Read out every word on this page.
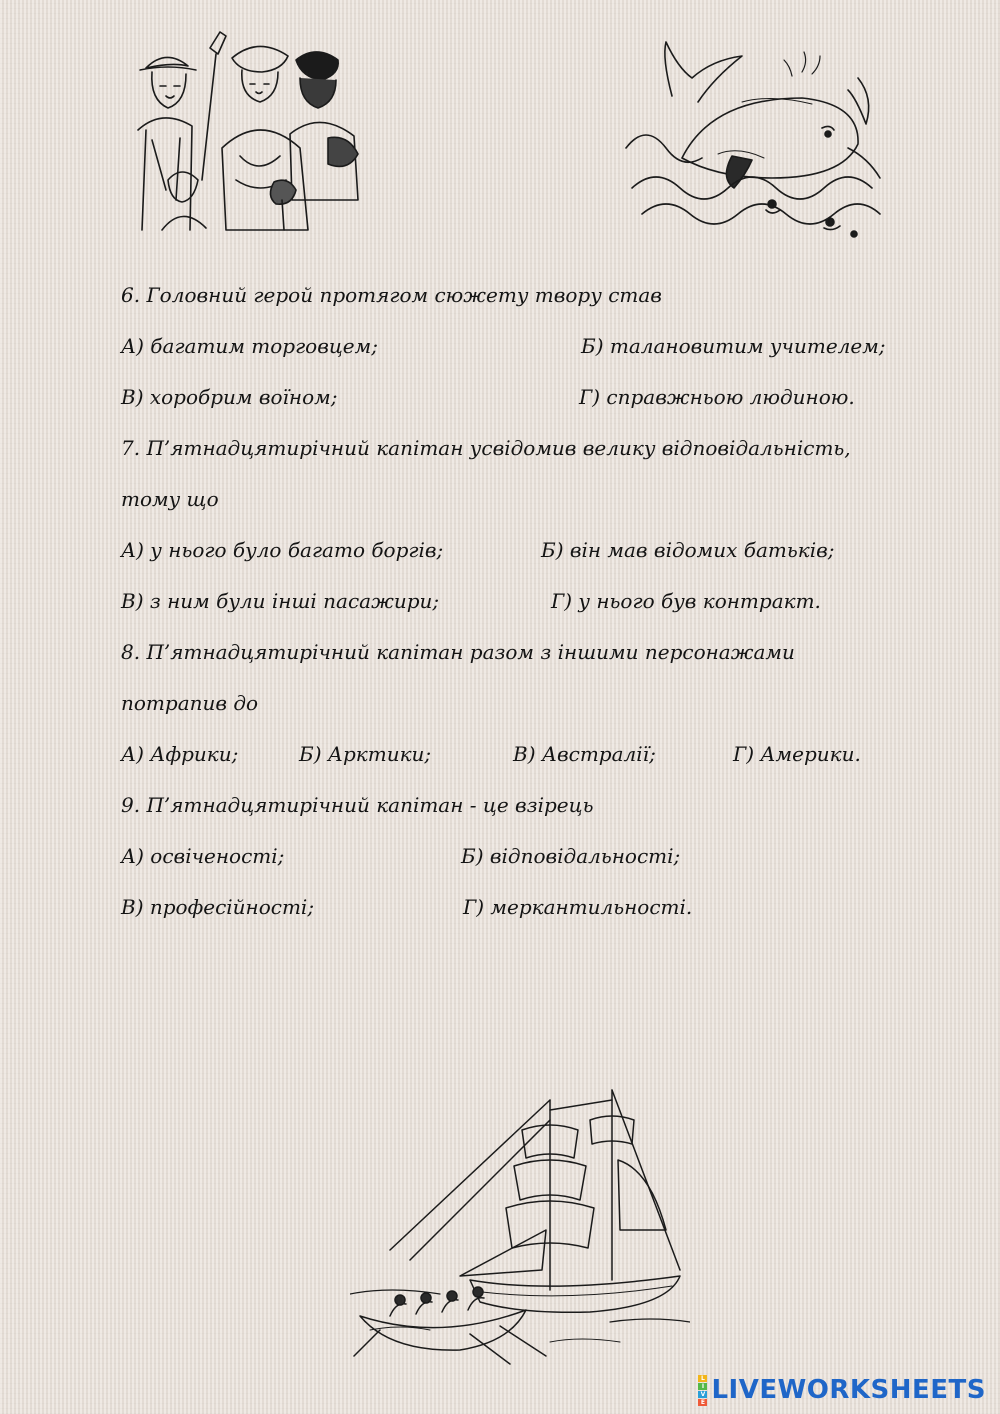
6. Головний герой протягом сюжету твору став
А) багатим торговцем;	Б) талановитим учителем;
В) хоробрим воїном;	Г) справжньою людиною.
7. П’ятнадцятирічний капітан усвідомив велику відповідальність,
тому що
А) у нього було багато боргів;	Б) він мав відомих батьків;
В) з ним були інші пасажири;	Г) у нього був контракт.
8. П’ятнадцятирічний капітан разом з іншими персонажами
потрапив до
А) Африки;	Б) Арктики;	В) Австралії;	Г) Америки.
9. П’ятнадцятирічний капітан - це взірець
А) освіченості;	Б) відповідальності;
В) професійності;	Г) меркантильності.
L
I
V
E LIVEWORKSHEETS
